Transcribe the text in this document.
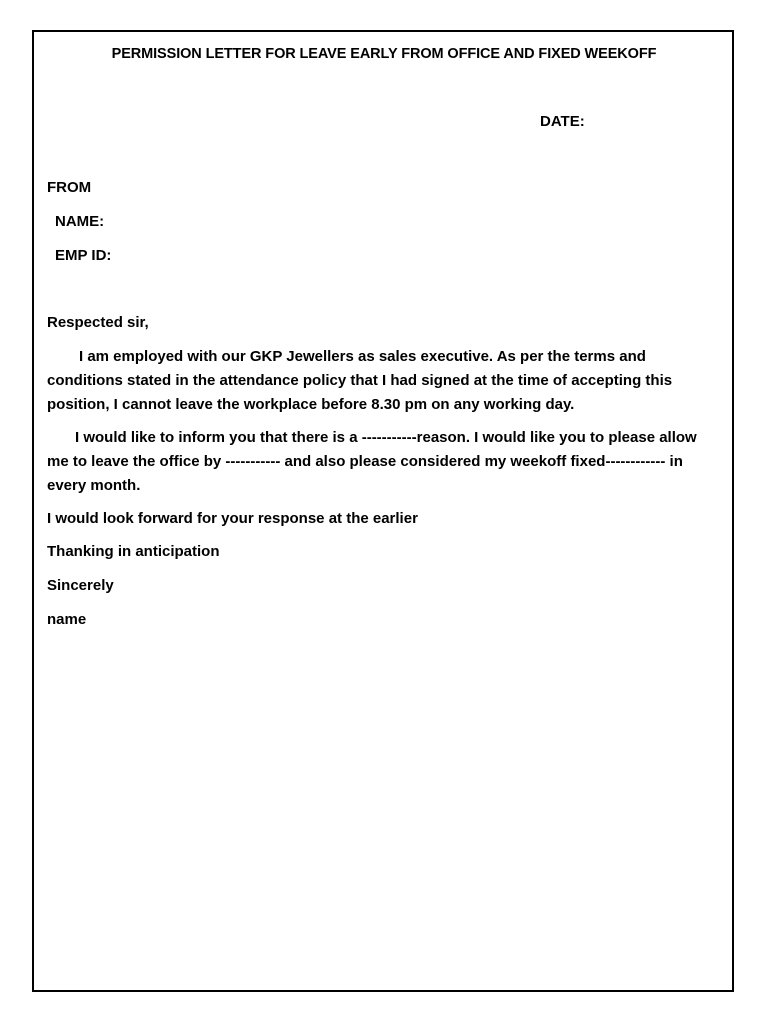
PERMISSION LETTER FOR LEAVE EARLY FROM OFFICE AND FIXED WEEKOFF
DATE:
FROM
NAME:
EMP ID:
Respected sir,
I am employed with our GKP Jewellers as sales executive. As per the terms and conditions stated in the attendance policy that I had signed at the time of accepting this position, I cannot leave the workplace before 8.30 pm on any working day.
I would like to inform you that there is a -----------reason. I would like you to please allow me to leave the office by ----------- and also please considered my weekoff fixed------------ in every month.
I would look forward for your response at the earlier
Thanking in anticipation
Sincerely
name
